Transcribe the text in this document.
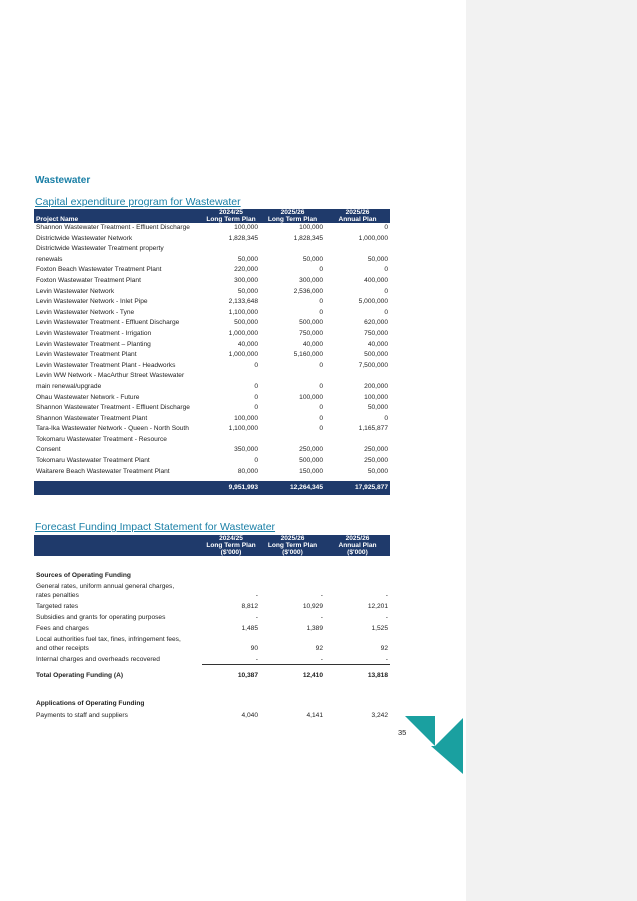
Wastewater
Capital expenditure program for Wastewater
	2024/25	2025/26	2025/26
Project Name	Long Term Plan	Long Term Plan	Annual Plan
Shannon Wastewater Treatment - Effluent Discharge	100,000	100,000	0
Districtwide Wastewater Network	1,828,345	1,828,345	1,000,000
Districtwide Wastewater Treatment property			
renewals	50,000	50,000	50,000
Foxton Beach Wastewater Treatment Plant	220,000	0	0
Foxton Wastewater Treatment Plant	300,000	300,000	400,000
Levin Wastewater Network	50,000	2,536,000	0
Levin Wastewater Network - Inlet Pipe	2,133,648	0	5,000,000
Levin Wastewater Network - Tyne	1,100,000	0	0
Levin Wastewater Treatment - Effluent Discharge	500,000	500,000	620,000
Levin Wastewater Treatment - Irrigation	1,000,000	750,000	750,000
Levin Wastewater Treatment – Planting	40,000	40,000	40,000
Levin Wastewater Treatment Plant	1,000,000	5,160,000	500,000
Levin Wastewater Treatment Plant - Headworks	0	0	7,500,000
Levin WW Network - MacArthur Street Wastewater			
main renewal/upgrade	0	0	200,000
Ohau Wastewater Network - Future	0	100,000	100,000
Shannon Wastewater Treatment - Effluent Discharge	0	0	50,000
Shannon Wastewater Treatment Plant	100,000	0	0
Tara-Ika Wastewater Network - Queen - North South	1,100,000	0	1,165,877
Tokomaru Wastewater Treatment - Resource			
Consent	350,000	250,000	250,000
Tokomaru Wastewater Treatment Plant	0	500,000	250,000
Waitarere Beach Wastewater Treatment Plant	80,000	150,000	50,000

	9,951,993	12,264,345	17,925,877
Forecast Funding Impact Statement for Wastewater
	2024/25	2025/26	2025/26
	Long Term Plan	Long Term Plan	Annual Plan
	($'000)	($'000)	($'000)

Sources of Operating Funding			
General rates, uniform annual general charges,
rates penalties	-	-	-
Targeted rates	8,812	10,929	12,201
Subsidies and grants for operating purposes	-	-	-
Fees and charges	1,485	1,389	1,525
Local authorities fuel tax, fines, infringement fees,
and other receipts	90	92	92
Internal charges and overheads recovered	-	-	-
Total Operating Funding (A)	10,387	12,410	13,818

Applications of Operating Funding			
Payments to staff and suppliers	4,040	4,141	3,242
35
